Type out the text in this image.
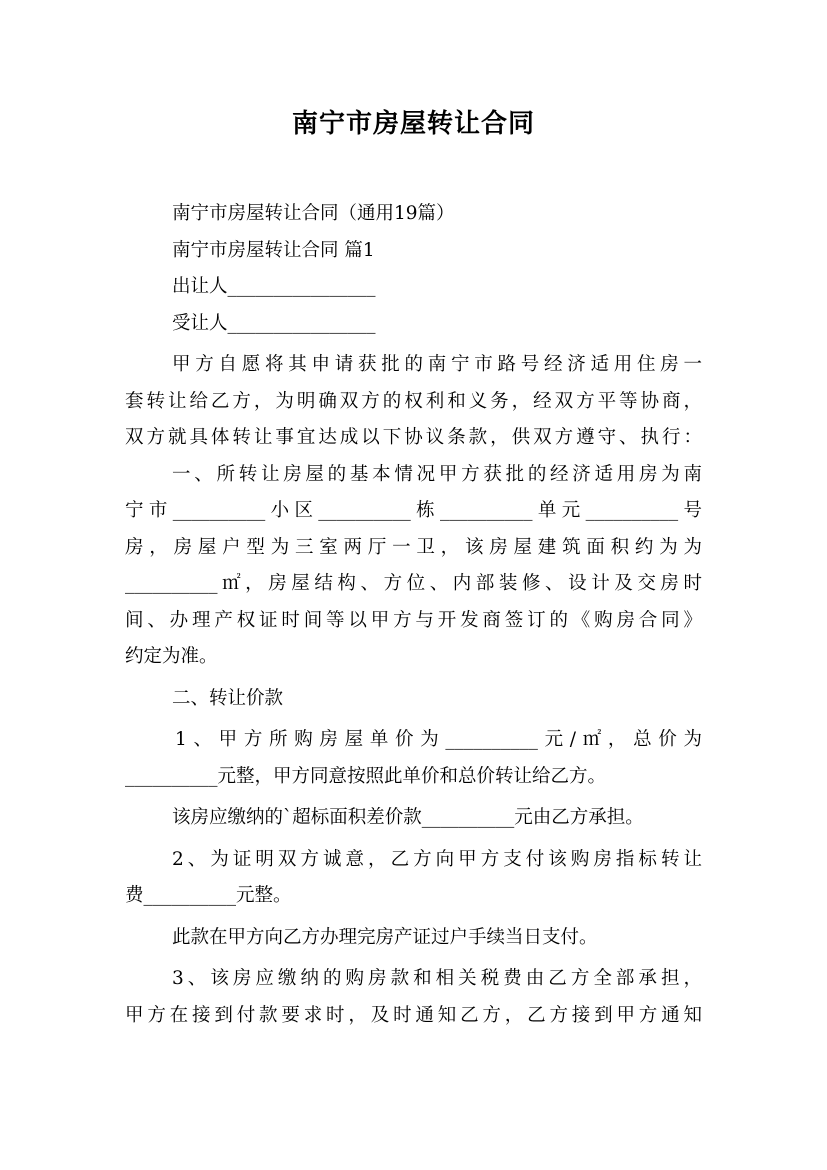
南宁市房屋转让合同
南宁市房屋转让合同（通用19篇）
南宁市房屋转让合同 篇1
出让人________________
受让人________________
甲方自愿将其申请获批的南宁市路号经济适用住房一
套转让给乙方，为明确双方的权利和义务，经双方平等协商，
双方就具体转让事宜达成以下协议条款，供双方遵守、执行：
一、所转让房屋的基本情况甲方获批的经济适用房为南
宁市__________小区__________栋__________单元__________号
房，房屋户型为三室两厅一卫，该房屋建筑面积约为为
__________㎡，房屋结构、方位、内部装修、设计及交房时
间、办理产权证时间等以甲方与开发商签订的《购房合同》
约定为准。
二、转让价款
1、甲方所购房屋单价为__________元/㎡，总价为
__________元整，甲方同意按照此单价和总价转让给乙方。
该房应缴纳的`超标面积差价款__________元由乙方承担。
2、为证明双方诚意，乙方向甲方支付该购房指标转让
费__________元整。
此款在甲方向乙方办理完房产证过户手续当日支付。
3、该房应缴纳的购房款和相关税费由乙方全部承担，
甲方在接到付款要求时，及时通知乙方，乙方接到甲方通知
